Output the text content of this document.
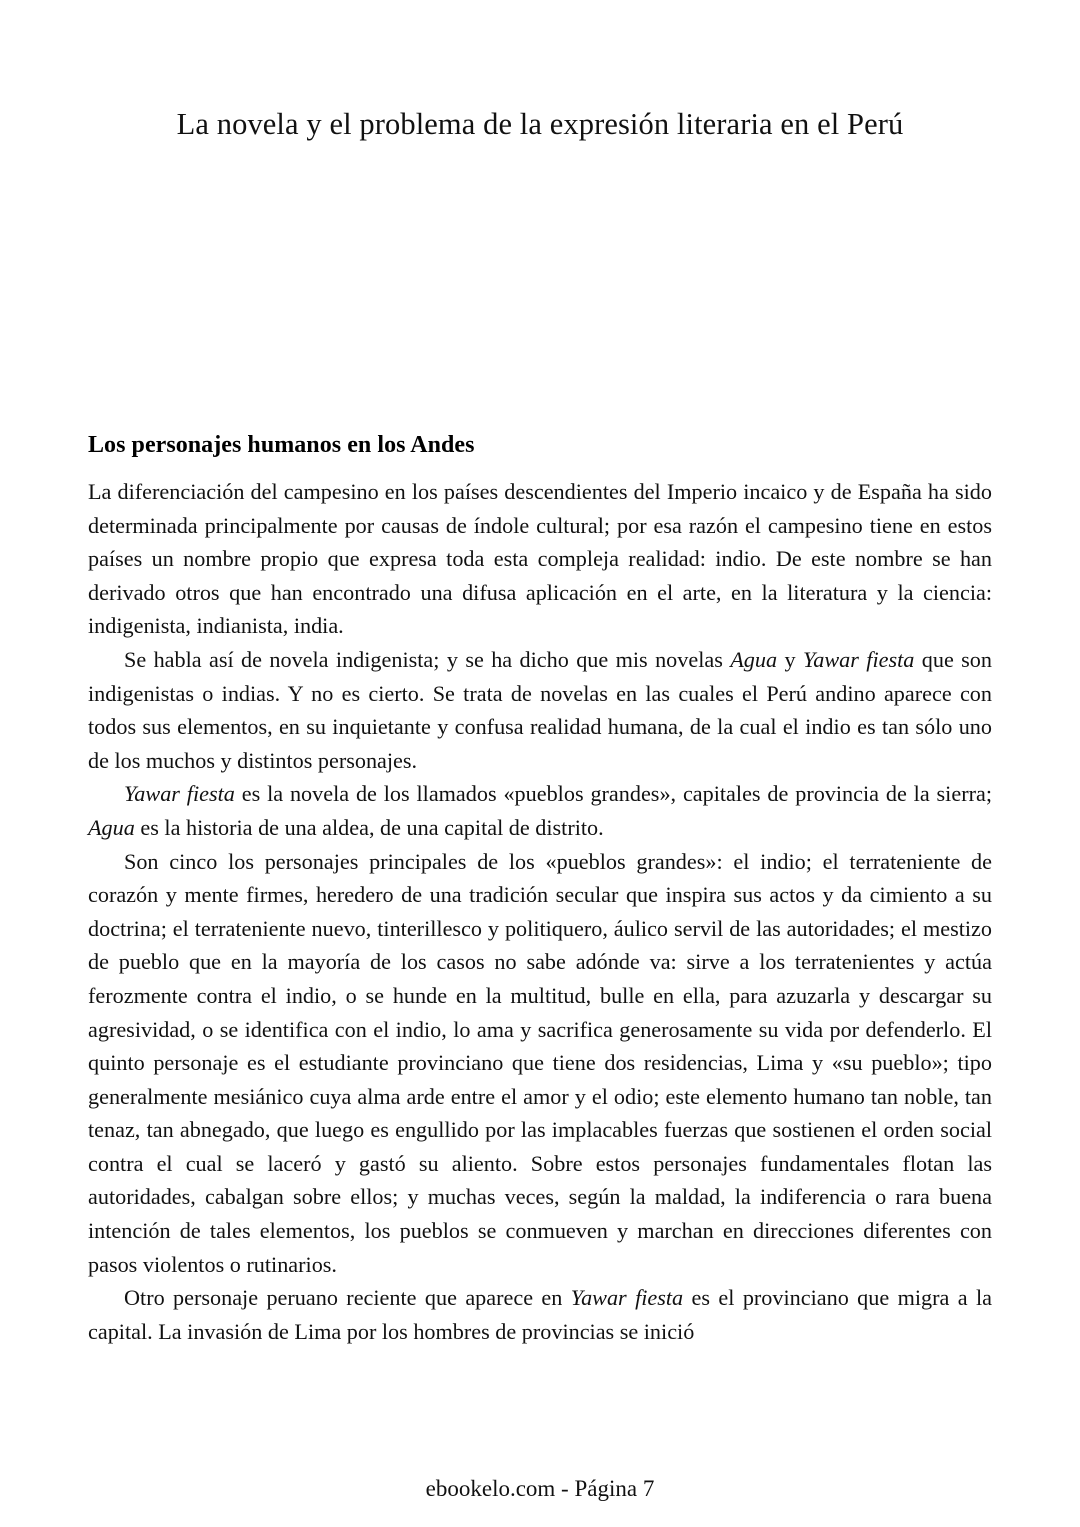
La novela y el problema de la expresión literaria en el Perú
Los personajes humanos en los Andes

La diferenciación del campesino en los países descendientes del Imperio incaico y de España ha sido determinada principalmente por causas de índole cultural; por esa razón el campesino tiene en estos países un nombre propio que expresa toda esta compleja realidad: indio. De este nombre se han derivado otros que han encontrado una difusa aplicación en el arte, en la literatura y la ciencia: indigenista, indianista, india.

Se habla así de novela indigenista; y se ha dicho que mis novelas Agua y Yawar fiesta que son indigenistas o indias. Y no es cierto. Se trata de novelas en las cuales el Perú andino aparece con todos sus elementos, en su inquietante y confusa realidad humana, de la cual el indio es tan sólo uno de los muchos y distintos personajes.

Yawar fiesta es la novela de los llamados «pueblos grandes», capitales de provincia de la sierra; Agua es la historia de una aldea, de una capital de distrito.

Son cinco los personajes principales de los «pueblos grandes»: el indio; el terrateniente de corazón y mente firmes, heredero de una tradición secular que inspira sus actos y da cimiento a su doctrina; el terrateniente nuevo, tinterillesco y politiquero, áulico servil de las autoridades; el mestizo de pueblo que en la mayoría de los casos no sabe adónde va: sirve a los terratenientes y actúa ferozmente contra el indio, o se hunde en la multitud, bulle en ella, para azuzarla y descargar su agresividad, o se identifica con el indio, lo ama y sacrifica generosamente su vida por defenderlo. El quinto personaje es el estudiante provinciano que tiene dos residencias, Lima y «su pueblo»; tipo generalmente mesiánico cuya alma arde entre el amor y el odio; este elemento humano tan noble, tan tenaz, tan abnegado, que luego es engullido por las implacables fuerzas que sostienen el orden social contra el cual se laceró y gastó su aliento. Sobre estos personajes fundamentales flotan las autoridades, cabalgan sobre ellos; y muchas veces, según la maldad, la indiferencia o rara buena intención de tales elementos, los pueblos se conmueven y marchan en direcciones diferentes con pasos violentos o rutinarios.

Otro personaje peruano reciente que aparece en Yawar fiesta es el provinciano que migra a la capital. La invasión de Lima por los hombres de provincias se inició

ebookelo.com - Página 7
